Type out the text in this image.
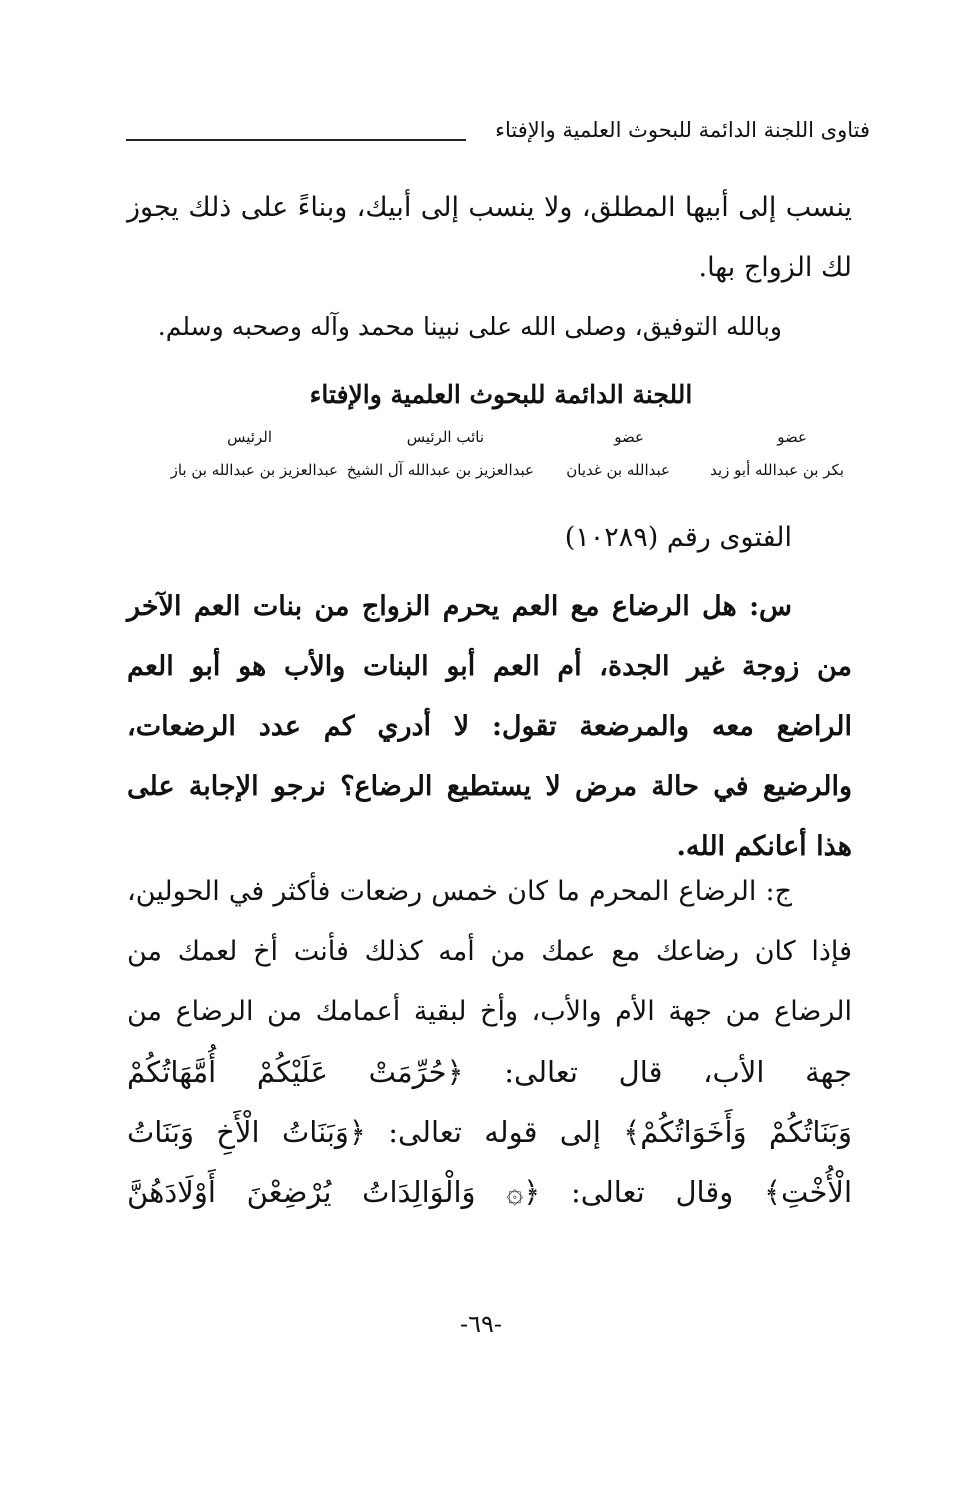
فتاوى اللجنة الدائمة للبحوث العلمية والإفتاء
ينسب إلى أبيها المطلق، ولا ينسب إلى أبيك، وبناءً على ذلك يجوز
لك الزواج بها.
وبالله التوفيق، وصلى الله على نبينا محمد وآله وصحبه وسلم.
اللجنة الدائمة للبحوث العلمية والإفتاء
عضو
عضو
نائب الرئيس
الرئيس
بكر بن عبدالله أبو زيد
عبدالله بن غديان
عبدالعزيز بن عبدالله آل الشيخ
عبدالعزيز بن عبدالله بن باز
الفتوى رقم (١٠٢٨٩)
س: هل الرضاع مع العم يحرم الزواج من بنات العم الآخر
من زوجة غير الجدة، أم العم أبو البنات والأب هو أبو العم
الراضع معه والمرضعة تقول: لا أدري كم عدد الرضعات،
والرضيع في حالة مرض لا يستطيع الرضاع؟ نرجو الإجابة على
هذا أعانكم الله.
ج: الرضاع المحرم ما كان خمس رضعات فأكثر في الحولين،
فإذا كان رضاعك مع عمك من أمه كذلك فأنت أخ لعمك من
الرضاع من جهة الأم والأب، وأخ لبقية أعمامك من الرضاع من
جهة الأب، قال تعالى: ﴿حُرِّمَتْ عَلَيْكُمْ أُمَّهَاتُكُمْ
وَبَنَاتُكُمْ وَأَخَوَاتُكُمْ﴾ إلى قوله تعالى: ﴿وَبَنَاتُ الْأَخِ وَبَنَاتُ
الْأُخْتِ﴾ وقال تعالى: ﴿۞ وَالْوَالِدَاتُ يُرْضِعْنَ أَوْلَادَهُنَّ
-٦٩-
